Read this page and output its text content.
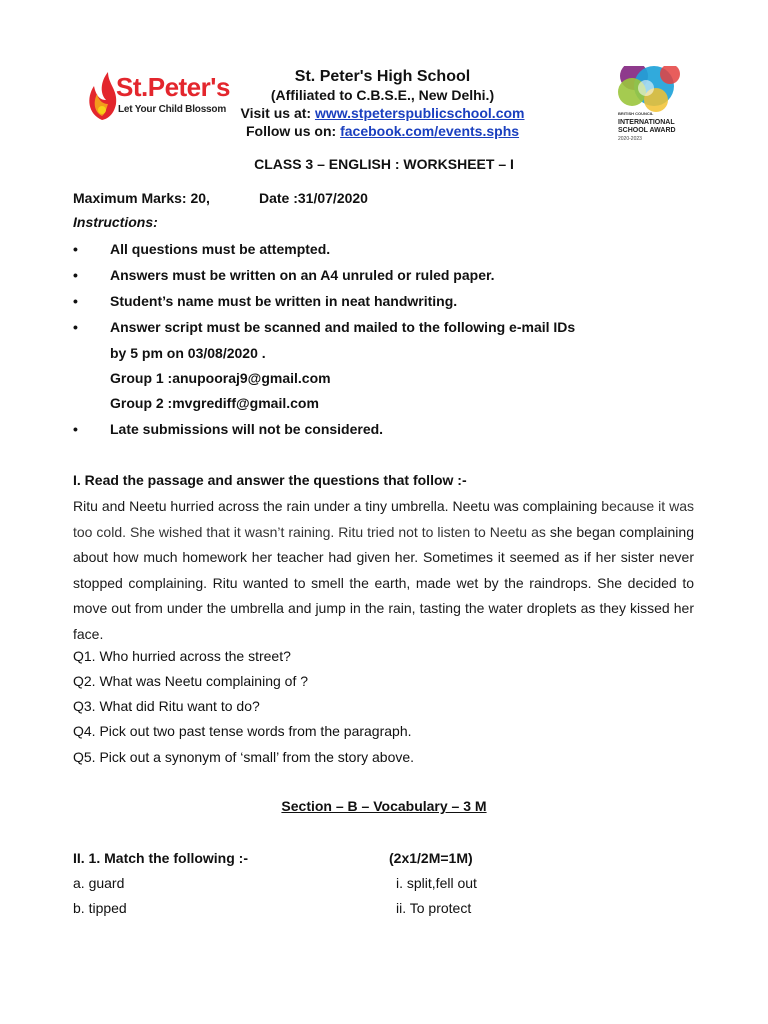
St.Peter's
Let Your Child Blossom
St. Peter's High School
(Affiliated to C.B.S.E., New Delhi.)
Visit us at: www.stpeterspublicschool.com
Follow us on: facebook.com/events.sphs
BRITISH COUNCIL
INTERNATIONAL SCHOOL AWARD
2020-2023
CLASS 3 – ENGLISH : WORKSHEET – I
Maximum Marks: 20,	Date :31/07/2020
Instructions:
• All questions must be attempted.
• Answers must be written on an A4 unruled or ruled paper.
• Student’s name must be written in neat handwriting.
• Answer script must be scanned and mailed to the following e-mail IDs
by 5 pm on 03/08/2020 .
Group 1 :anupooraj9@gmail.com
Group 2 :mvgrediff@gmail.com
• Late submissions will not be considered.
I. Read the passage and answer the questions that follow :-
Ritu and Neetu hurried across the rain under a tiny umbrella. Neetu was complaining because it was too cold. She wished that it wasn’t raining. Ritu tried not to listen to Neetu as she began complaining about how much homework her teacher had given her. Sometimes it seemed as if her sister never stopped complaining. Ritu wanted to smell the earth, made wet by the raindrops. She decided to move out from under the umbrella and jump in the rain, tasting the water droplets as they kissed her face.
Q1. Who hurried across the street?
Q2. What was Neetu complaining of ?
Q3. What did Ritu want to do?
Q4. Pick out two past tense words from the paragraph.
Q5. Pick out a synonym of ‘small’ from the story above.
Section – B – Vocabulary – 3 M
II. 1. Match the following :-	(2x1/2M=1M)
a. guard	i. split,fell out
b. tipped	ii. To protect
